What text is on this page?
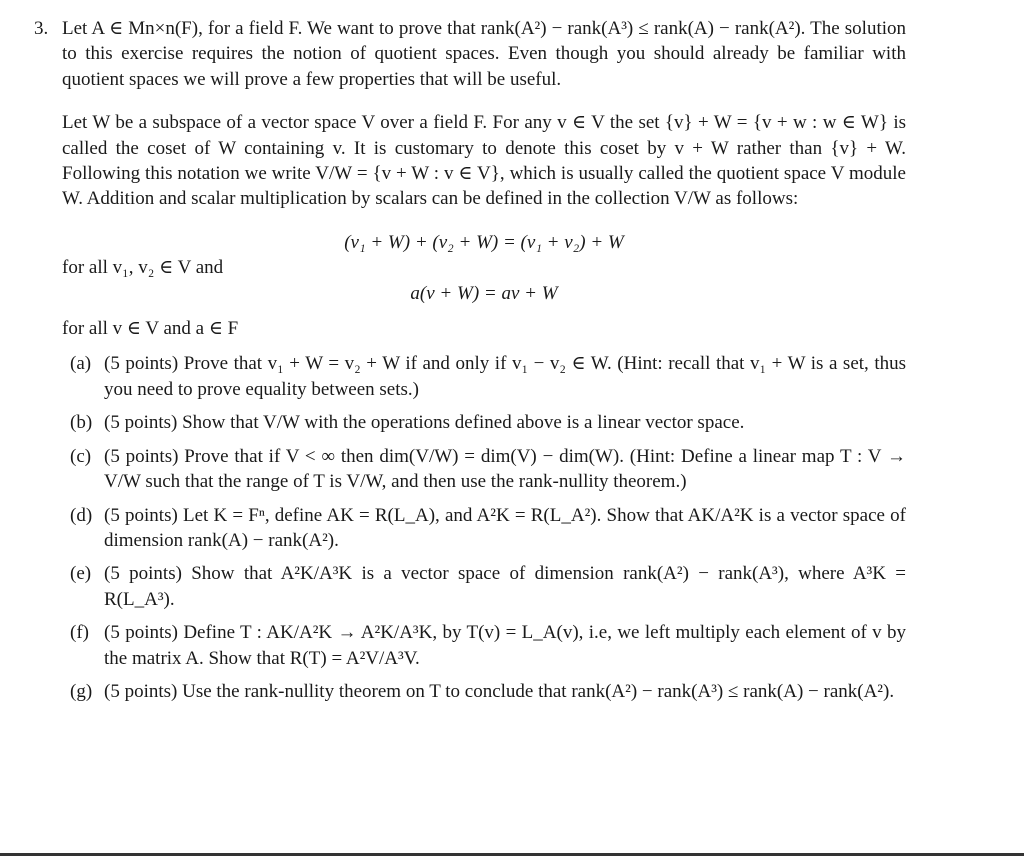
3. Let A ∈ Mn×n(F), for a field F. We want to prove that rank(A²) − rank(A³) ≤ rank(A) − rank(A²). The solution to this exercise requires the notion of quotient spaces. Even though you should already be familiar with quotient spaces we will prove a few properties that will be useful.

Let W be a subspace of a vector space V over a field F. For any v ∈ V the set {v} + W = {v + w : w ∈ W} is called the coset of W containing v. It is customary to denote this coset by v + W rather than {v} + W. Following this notation we write V/W = {v + W : v ∈ V}, which is usually called the quotient space V module W. Addition and scalar multiplication by scalars can be defined in the collection V/W as follows:

(v₁ + W) + (v₂ + W) = (v₁ + v₂) + W
for all v₁, v₂ ∈ V and
a(v + W) = av + W
for all v ∈ V and a ∈ F
(a) (5 points) Prove that v₁ + W = v₂ + W if and only if v₁ − v₂ ∈ W. (Hint: recall that v₁ + W is a set, thus you need to prove equality between sets.)
(b) (5 points) Show that V/W with the operations defined above is a linear vector space.
(c) (5 points) Prove that if V < ∞ then dim(V/W) = dim(V) − dim(W). (Hint: Define a linear map T : V → V/W such that the range of T is V/W, and then use the rank-nullity theorem.)
(d) (5 points) Let K = Fⁿ, define AK = R(L_A), and A²K = R(L_A²). Show that AK/A²K is a vector space of dimension rank(A) − rank(A²).
(e) (5 points) Show that A²K/A³K is a vector space of dimension rank(A²) − rank(A³), where A³K = R(L_A³).
(f) (5 points) Define T : AK/A²K → A²K/A³K, by T(v) = L_A(v), i.e, we left multiply each element of v by the matrix A. Show that R(T) = A²V/A³V.
(g) (5 points) Use the rank-nullity theorem on T to conclude that rank(A²) − rank(A³) ≤ rank(A) − rank(A²).
